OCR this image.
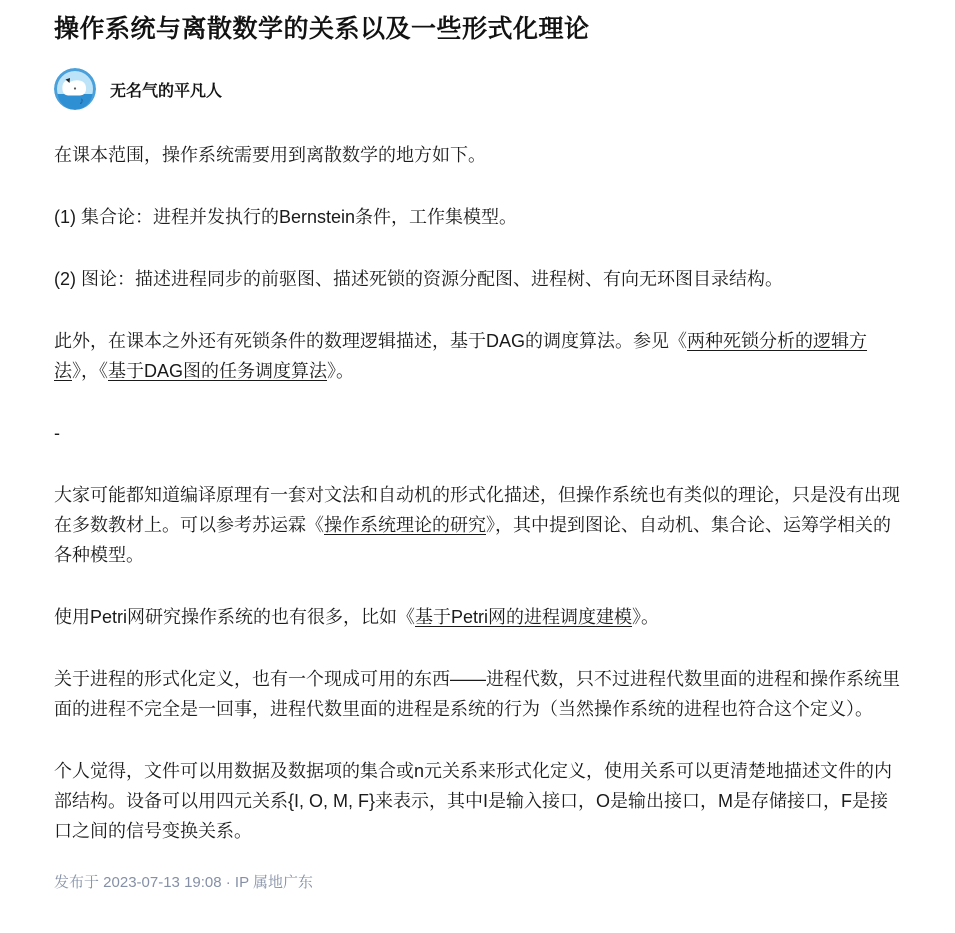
操作系统与离散数学的关系以及一些形式化理论
♪
无名气的平凡人

在课本范围，操作系统需要用到离散数学的地方如下。

(1) 集合论：进程并发执行的Bernstein条件，工作集模型。

(2) 图论：描述进程同步的前驱图、描述死锁的资源分配图、进程树、有向无环图目录结构。

此外，在课本之外还有死锁条件的数理逻辑描述，基于DAG的调度算法。参见《两种死锁分析的逻辑方法》，《基于DAG图的任务调度算法》。

-

大家可能都知道编译原理有一套对文法和自动机的形式化描述，但操作系统也有类似的理论，只是没有出现在多数教材上。可以参考苏运霖《操作系统理论的研究》，其中提到图论、自动机、集合论、运筹学相关的各种模型。

使用Petri网研究操作系统的也有很多，比如《基于Petri网的进程调度建模》。

关于进程的形式化定义，也有一个现成可用的东西——进程代数，只不过进程代数里面的进程和操作系统里面的进程不完全是一回事，进程代数里面的进程是系统的行为（当然操作系统的进程也符合这个定义）。

个人觉得，文件可以用数据及数据项的集合或n元关系来形式化定义，使用关系可以更清楚地描述文件的内部结构。设备可以用四元关系{I, O, M, F}来表示，其中I是输入接口，O是输出接口，M是存储接口，F是接口之间的信号变换关系。

发布于 2023-07-13 19:08 · IP 属地广东
